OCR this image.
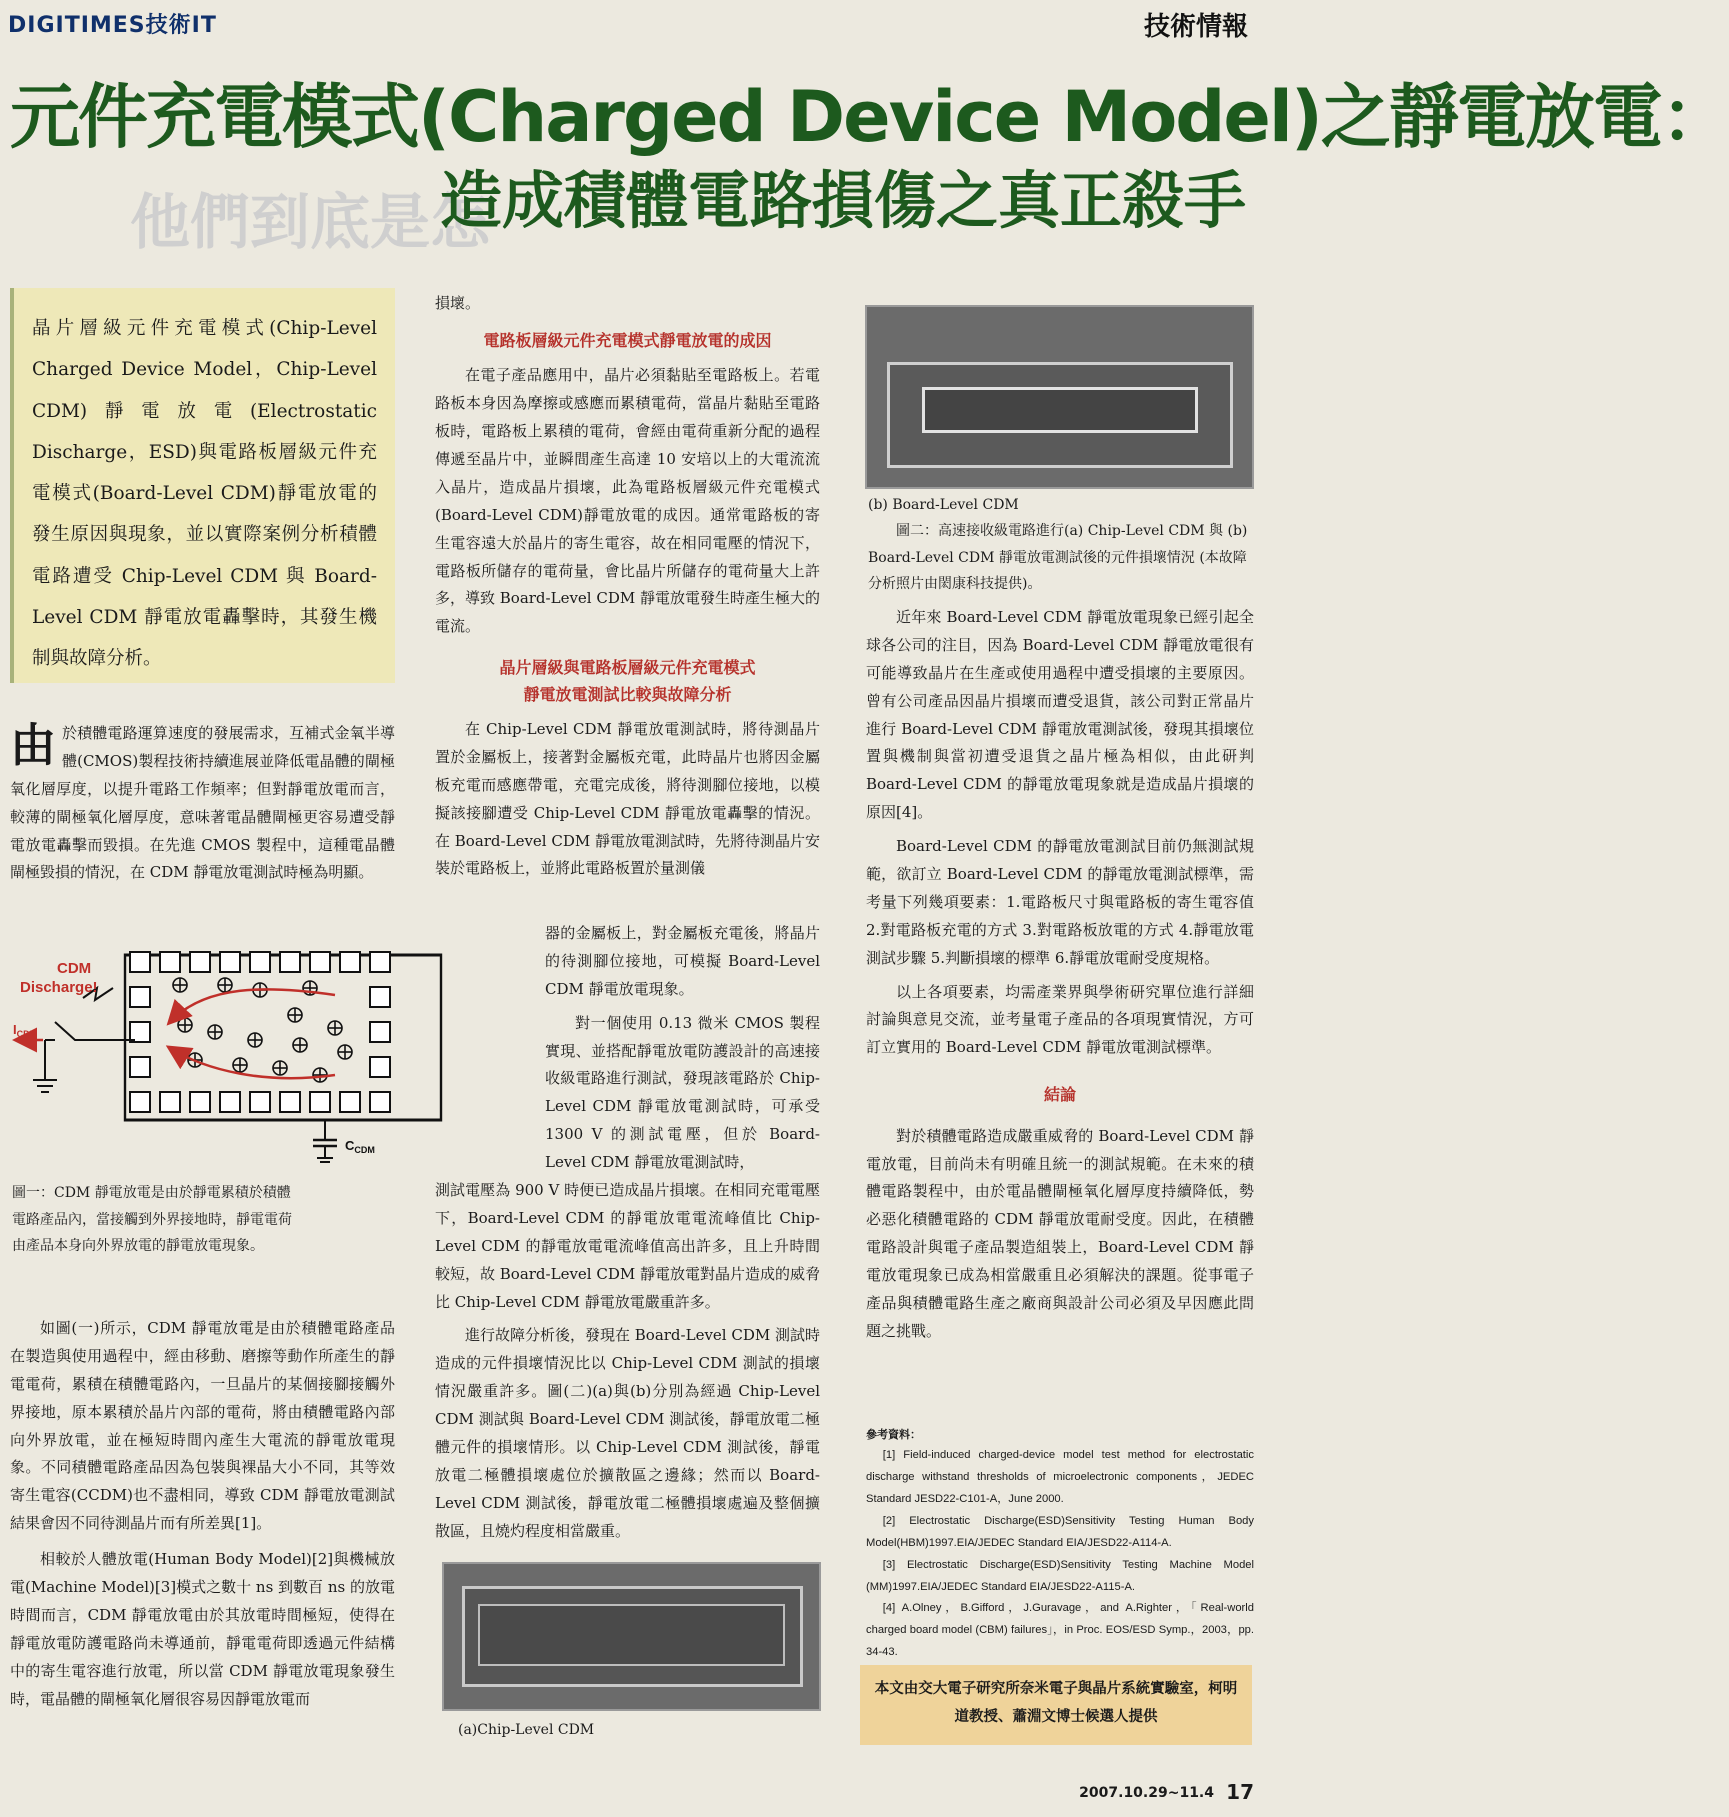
DIGITIMES技術IT	技術情報
他們到底是怎
元件充電模式(Charged Device Model)之靜電放電：
造成積體電路損傷之真正殺手
晶片層級元件充電模式(Chip-Level Charged Device Model，Chip-Level CDM)靜電放電(Electrostatic Discharge，ESD)與電路板層級元件充電模式(Board-Level CDM)靜電放電的發生原因與現象，並以實際案例分析積體電路遭受 Chip-Level CDM 與 Board-Level CDM 靜電放電轟擊時，其發生機制與故障分析。

由於積體電路運算速度的發展需求，互補式金氧半導體(CMOS)製程技術持續進展並降低電晶體的閘極氧化層厚度，以提升電路工作頻率；但對靜電放電而言，較薄的閘極氧化層厚度，意味著電晶體閘極更容易遭受靜電放電轟擊而毀損。在先進 CMOS 製程中，這種電晶體閘極毀損的情況，在 CDM 靜電放電測試時極為明顯。

CDM
Discharge!
$I_{CDM}$
$C_{CDM}$
圖一：CDM 靜電放電是由於靜電累積於積體電路產品內，當接觸到外界接地時，靜電電荷由產品本身向外界放電的靜電放電現象。

如圖(一)所示，CDM 靜電放電是由於積體電路產品在製造與使用過程中，經由移動、磨擦等動作所產生的靜電電荷，累積在積體電路內，一旦晶片的某個接腳接觸外界接地，原本累積於晶片內部的電荷，將由積體電路內部向外界放電，並在極短時間內產生大電流的靜電放電現象。不同積體電路產品因為包裝與裸晶大小不同，其等效寄生電容(CCDM)也不盡相同，導致 CDM 靜電放電測試結果會因不同待測晶片而有所差異[1]。

相較於人體放電(Human Body Model)[2]與機械放電(Machine Model)[3]模式之數十 ns 到數百 ns 的放電時間而言，CDM 靜電放電由於其放電時間極短，使得在靜電放電防護電路尚未導通前，靜電電荷即透過元件結構中的寄生電容進行放電，所以當 CDM 靜電放電現象發生時，電晶體的閘極氧化層很容易因靜電放電而

損壞。

電路板層級元件充電模式靜電放電的成因

在電子產品應用中，晶片必須黏貼至電路板上。若電路板本身因為摩擦或感應而累積電荷，當晶片黏貼至電路板時，電路板上累積的電荷，會經由電荷重新分配的過程傳遞至晶片中，並瞬間產生高達 10 安培以上的大電流流入晶片，造成晶片損壞，此為電路板層級元件充電模式(Board-Level CDM)靜電放電的成因。通常電路板的寄生電容遠大於晶片的寄生電容，故在相同電壓的情況下，電路板所儲存的電荷量，會比晶片所儲存的電荷量大上許多，導致 Board-Level CDM 靜電放電發生時產生極大的電流。

晶片層級與電路板層級元件充電模式
靜電放電測試比較與故障分析

在 Chip-Level CDM 靜電放電測試時，將待測晶片置於金屬板上，接著對金屬板充電，此時晶片也將因金屬板充電而感應帶電，充電完成後，將待測腳位接地，以模擬該接腳遭受 Chip-Level CDM 靜電放電轟擊的情況。在 Board-Level CDM 靜電放電測試時，先將待測晶片安裝於電路板上，並將此電路板置於量測儀

器的金屬板上，對金屬板充電後，將晶片的待測腳位接地，可模擬 Board-Level CDM 靜電放電現象。

對一個使用 0.13 微米 CMOS 製程實現、並搭配靜電放電防護設計的高速接收級電路進行測試，發現該電路於 Chip-Level CDM 靜電放電測試時，可承受 1300 V 的測試電壓，但於 Board-Level CDM 靜電放電測試時，

測試電壓為 900 V 時便已造成晶片損壞。在相同充電電壓下，Board-Level CDM 的靜電放電電流峰值比 Chip-Level CDM 的靜電放電電流峰值高出許多，且上升時間較短，故 Board-Level CDM 靜電放電對晶片造成的威脅比 Chip-Level CDM 靜電放電嚴重許多。

進行故障分析後，發現在 Board-Level CDM 測試時造成的元件損壞情況比以 Chip-Level CDM 測試的損壞情況嚴重許多。圖(二)(a)與(b)分別為經過 Chip-Level CDM 測試與 Board-Level CDM 測試後，靜電放電二極體元件的損壞情形。以 Chip-Level CDM 測試後，靜電放電二極體損壞處位於擴散區之邊緣；然而以 Board-Level CDM 測試後，靜電放電二極體損壞處遍及整個擴散區，且燒灼程度相當嚴重。

(a)Chip-Level CDM
(b) Board-Level CDM
圖二：高速接收級電路進行(a) Chip-Level CDM 與 (b) Board-Level CDM 靜電放電測試後的元件損壞情況 (本故障分析照片由閎康科技提供)。

近年來 Board-Level CDM 靜電放電現象已經引起全球各公司的注目，因為 Board-Level CDM 靜電放電很有可能導致晶片在生產或使用過程中遭受損壞的主要原因。曾有公司產品因晶片損壞而遭受退貨，該公司對正常晶片進行 Board-Level CDM 靜電放電測試後，發現其損壞位置與機制與當初遭受退貨之晶片極為相似，由此研判 Board-Level CDM 的靜電放電現象就是造成晶片損壞的原因[4]。

Board-Level CDM 的靜電放電測試目前仍無測試規範，欲訂立 Board-Level CDM 的靜電放電測試標準，需考量下列幾項要素：1.電路板尺寸與電路板的寄生電容值 2.對電路板充電的方式 3.對電路板放電的方式 4.靜電放電測試步驟 5.判斷損壞的標準 6.靜電放電耐受度規格。

以上各項要素，均需產業界與學術研究單位進行詳細討論與意見交流，並考量電子產品的各項現實情況，方可訂立實用的 Board-Level CDM 靜電放電測試標準。

結論

對於積體電路造成嚴重威脅的 Board-Level CDM 靜電放電，目前尚未有明確且統一的測試規範。在未來的積體電路製程中，由於電晶體閘極氧化層厚度持續降低，勢必惡化積體電路的 CDM 靜電放電耐受度。因此，在積體電路設計與電子產品製造組裝上，Board-Level CDM 靜電放電現象已成為相當嚴重且必須解決的課題。從事電子產品與積體電路生產之廠商與設計公司必須及早因應此問題之挑戰。

參考資料：

[1] Field-induced charged-device model test method for electrostatic discharge withstand thresholds of microelectronic components，JEDEC Standard JESD22-C101-A，June 2000.

[2] Electrostatic Discharge(ESD)Sensitivity Testing Human Body Model(HBM)1997.EIA/JEDEC Standard EIA/JESD22-A114-A.

[3] Electrostatic Discharge(ESD)Sensitivity Testing Machine Model (MM)1997.EIA/JEDEC Standard EIA/JESD22-A115-A.

[4] A.Olney，B.Gifford，J.Guravage，and A.Righter，「Real-world charged board model (CBM) failures」，in Proc. EOS/ESD Symp.，2003，pp. 34-43.

本文由交大電子研究所奈米電子與晶片系統實驗室，柯明道教授、蕭淵文博士候選人提供
2007.10.29~11.4 17
